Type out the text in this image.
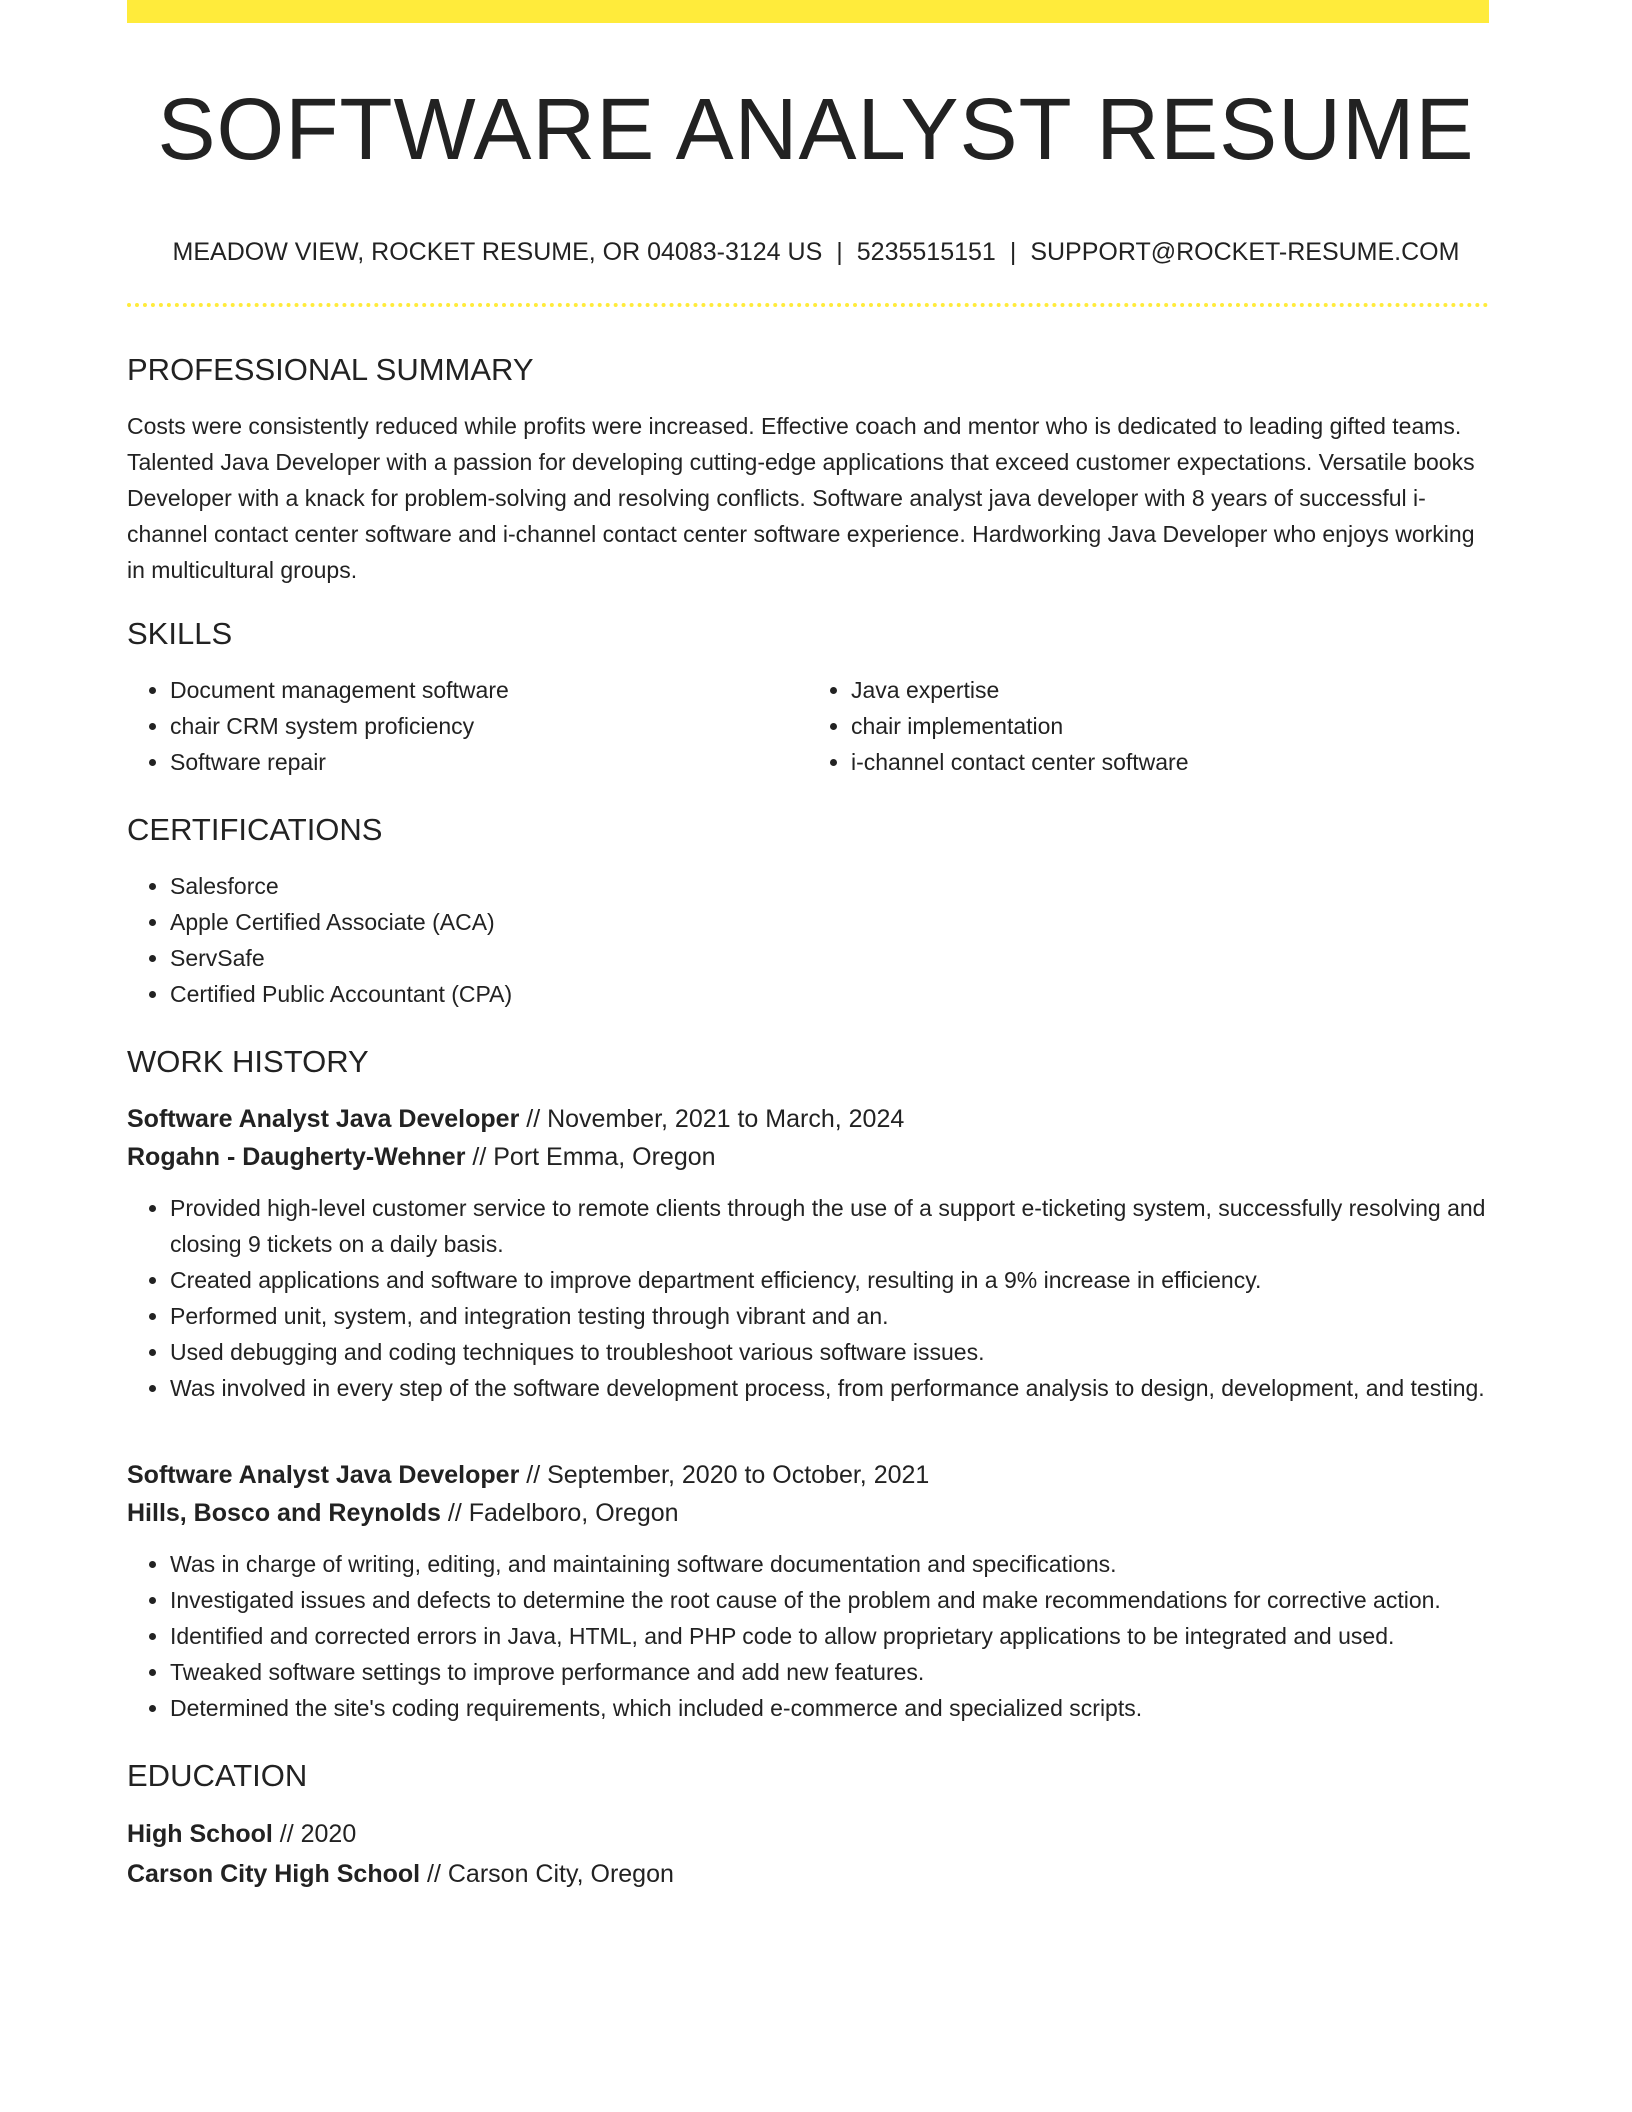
SOFTWARE ANALYST RESUME
MEADOW VIEW, ROCKET RESUME, OR 04083-3124 US | 5235515151 | SUPPORT@ROCKET-RESUME.COM
PROFESSIONAL SUMMARY

Costs were consistently reduced while profits were increased. Effective coach and mentor who is dedicated to leading gifted teams. Talented Java Developer with a passion for developing cutting-edge applications that exceed customer expectations. Versatile books Developer with a knack for problem-solving and resolving conflicts. Software analyst java developer with 8 years of successful i-channel contact center software and i-channel contact center software experience. Hardworking Java Developer who enjoys working in multicultural groups.

SKILLS
• Document management software
• chair CRM system proficiency
• Software repair
• Java expertise
• chair implementation
• i-channel contact center software
CERTIFICATIONS
• Salesforce
• Apple Certified Associate (ACA)
• ServSafe
• Certified Public Accountant (CPA)
WORK HISTORY
Software Analyst Java Developer // November, 2021 to March, 2024
Rogahn - Daugherty-Wehner // Port Emma, Oregon
• Provided high-level customer service to remote clients through the use of a support e-ticketing system, successfully resolving and closing 9 tickets on a daily basis.
• Created applications and software to improve department efficiency, resulting in a 9% increase in efficiency.
• Performed unit, system, and integration testing through vibrant and an.
• Used debugging and coding techniques to troubleshoot various software issues.
• Was involved in every step of the software development process, from performance analysis to design, development, and testing.
Software Analyst Java Developer // September, 2020 to October, 2021
Hills, Bosco and Reynolds // Fadelboro, Oregon
• Was in charge of writing, editing, and maintaining software documentation and specifications.
• Investigated issues and defects to determine the root cause of the problem and make recommendations for corrective action.
• Identified and corrected errors in Java, HTML, and PHP code to allow proprietary applications to be integrated and used.
• Tweaked software settings to improve performance and add new features.
• Determined the site's coding requirements, which included e-commerce and specialized scripts.
EDUCATION
High School // 2020
Carson City High School // Carson City, Oregon
